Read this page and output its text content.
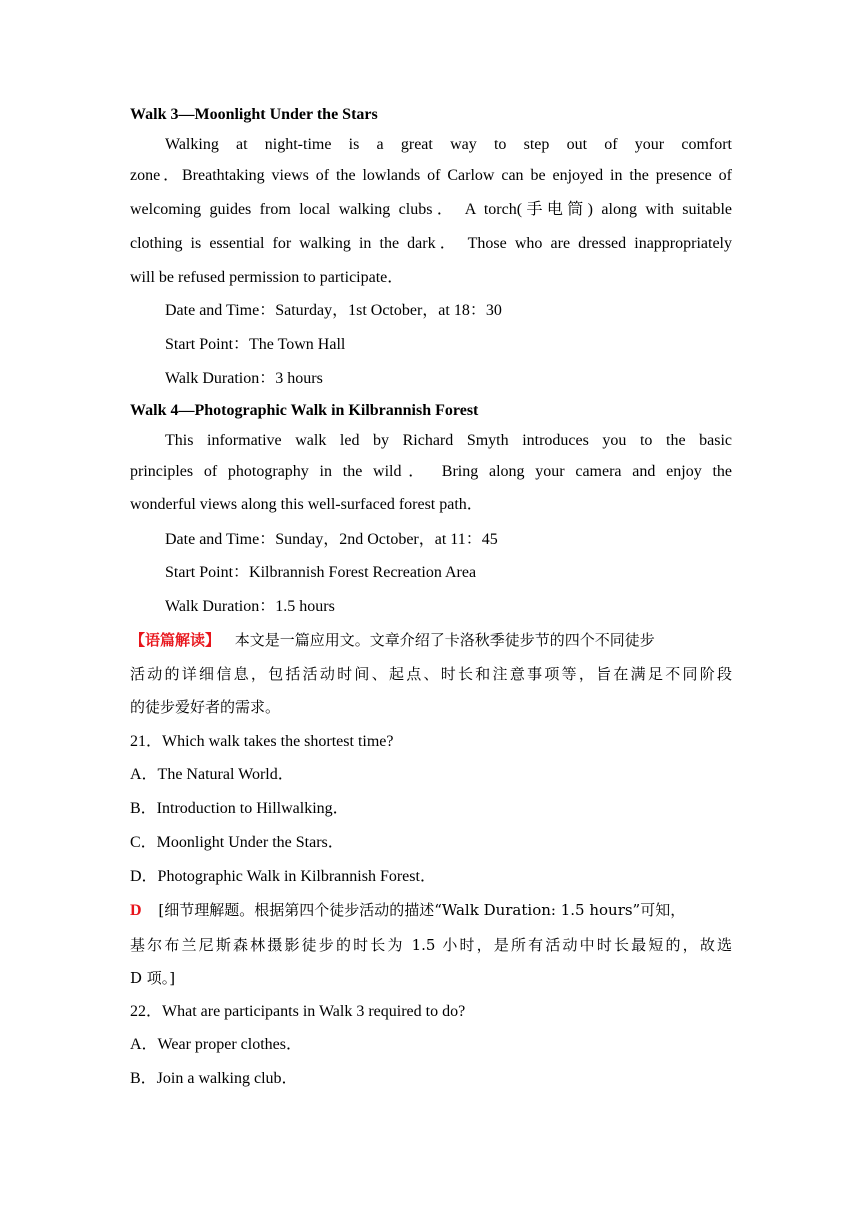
Walk 3—Moonlight Under the Stars
Walking at night-time is a great way to step out of your comfort
zone．Breathtaking views of the lowlands of Carlow can be enjoyed in the presence of
welcoming guides from local walking clubs． A torch(手电筒) along with suitable
clothing is essential for walking in the dark． Those who are dressed inappropriately
will be refused permission to participate．
Date and Time：Saturday，1st October，at 18：30
Start Point：The Town Hall
Walk Duration：3 hours
Walk 4—Photographic Walk in Kilbrannish Forest
This informative walk led by Richard Smyth introduces you to the basic
principles of photography in the wild． Bring along your camera and enjoy the
wonderful views along this well-surfaced forest path．
Date and Time：Sunday，2nd October，at 11：45
Start Point：Kilbrannish Forest Recreation Area
Walk Duration：1.5 hours
【语篇解读】 本文是一篇应用文。文章介绍了卡洛秋季徒步节的四个不同徒步
活动的详细信息，包括活动时间、起点、时长和注意事项等，旨在满足不同阶段
的徒步爱好者的需求。
21．Which walk takes the shortest time?
A．The Natural World．
B．Introduction to Hillwalking．
C．Moonlight Under the Stars．
D．Photographic Walk in Kilbrannish Forest．
D [细节理解题。根据第四个徒步活动的描述“Walk Duration: 1.5 hours”可知，
基尔布兰尼斯森林摄影徒步的时长为 1.5 小时，是所有活动中时长最短的，故选
D 项。]
22．What are participants in Walk 3 required to do?
A．Wear proper clothes．
B．Join a walking club．
